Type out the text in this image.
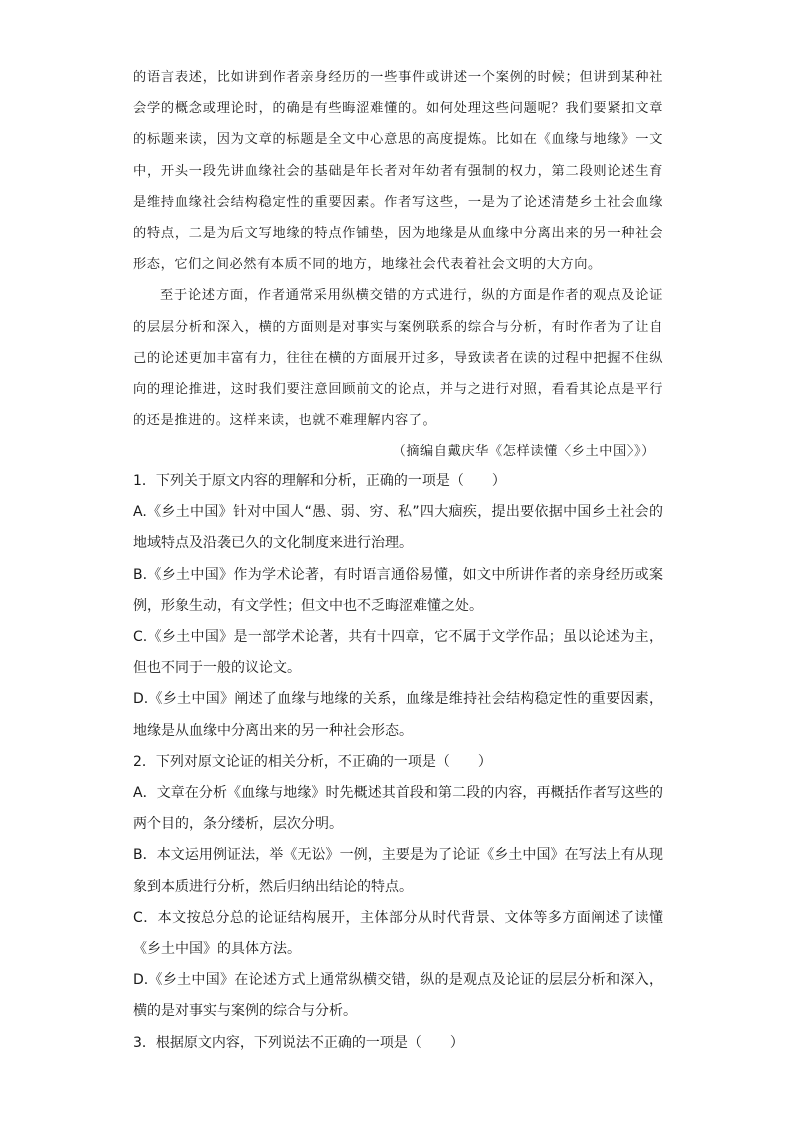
的语言表述，比如讲到作者亲身经历的一些事件或讲述一个案例的时候；但讲到某种社会学的概念或理论时，的确是有些晦涩难懂的。如何处理这些问题呢？我们要紧扣文章的标题来读，因为文章的标题是全文中心意思的高度提炼。比如在《血缘与地缘》一文中，开头一段先讲血缘社会的基础是年长者对年幼者有强制的权力，第二段则论述生育是维持血缘社会结构稳定性的重要因素。作者写这些，一是为了论述清楚乡土社会血缘的特点，二是为后文写地缘的特点作铺垫，因为地缘是从血缘中分离出来的另一种社会形态，它们之间必然有本质不同的地方，地缘社会代表着社会文明的大方向。

至于论述方面，作者通常采用纵横交错的方式进行，纵的方面是作者的观点及论证的层层分析和深入，横的方面则是对事实与案例联系的综合与分析，有时作者为了让自己的论述更加丰富有力，往往在横的方面展开过多，导致读者在读的过程中把握不住纵向的理论推进，这时我们要注意回顾前文的论点，并与之进行对照，看看其论点是平行的还是推进的。这样来读，也就不难理解内容了。

（摘编自戴庆华《怎样读懂〈乡土中国〉》）

1．下列关于原文内容的理解和分析，正确的一项是（　　）

A.《乡土中国》针对中国人“愚、弱、穷、私”四大痼疾，提出要依据中国乡土社会的地域特点及沿袭已久的文化制度来进行治理。

B.《乡土中国》作为学术论著，有时语言通俗易懂，如文中所讲作者的亲身经历或案例，形象生动，有文学性；但文中也不乏晦涩难懂之处。

C.《乡土中国》是一部学术论著，共有十四章，它不属于文学作品；虽以论述为主，但也不同于一般的议论文。

D.《乡土中国》阐述了血缘与地缘的关系，血缘是维持社会结构稳定性的重要因素，地缘是从血缘中分离出来的另一种社会形态。

2．下列对原文论证的相关分析，不正确的一项是（　　）

A．文章在分析《血缘与地缘》时先概述其首段和第二段的内容，再概括作者写这些的两个目的，条分缕析，层次分明。

B．本文运用例证法，举《无讼》一例，主要是为了论证《乡土中国》在写法上有从现象到本质进行分析，然后归纳出结论的特点。

C．本文按总分总的论证结构展开，主体部分从时代背景、文体等多方面阐述了读懂《乡土中国》的具体方法。

D.《乡土中国》在论述方式上通常纵横交错，纵的是观点及论证的层层分析和深入，横的是对事实与案例的综合与分析。

3．根据原文内容，下列说法不正确的一项是（　　）
